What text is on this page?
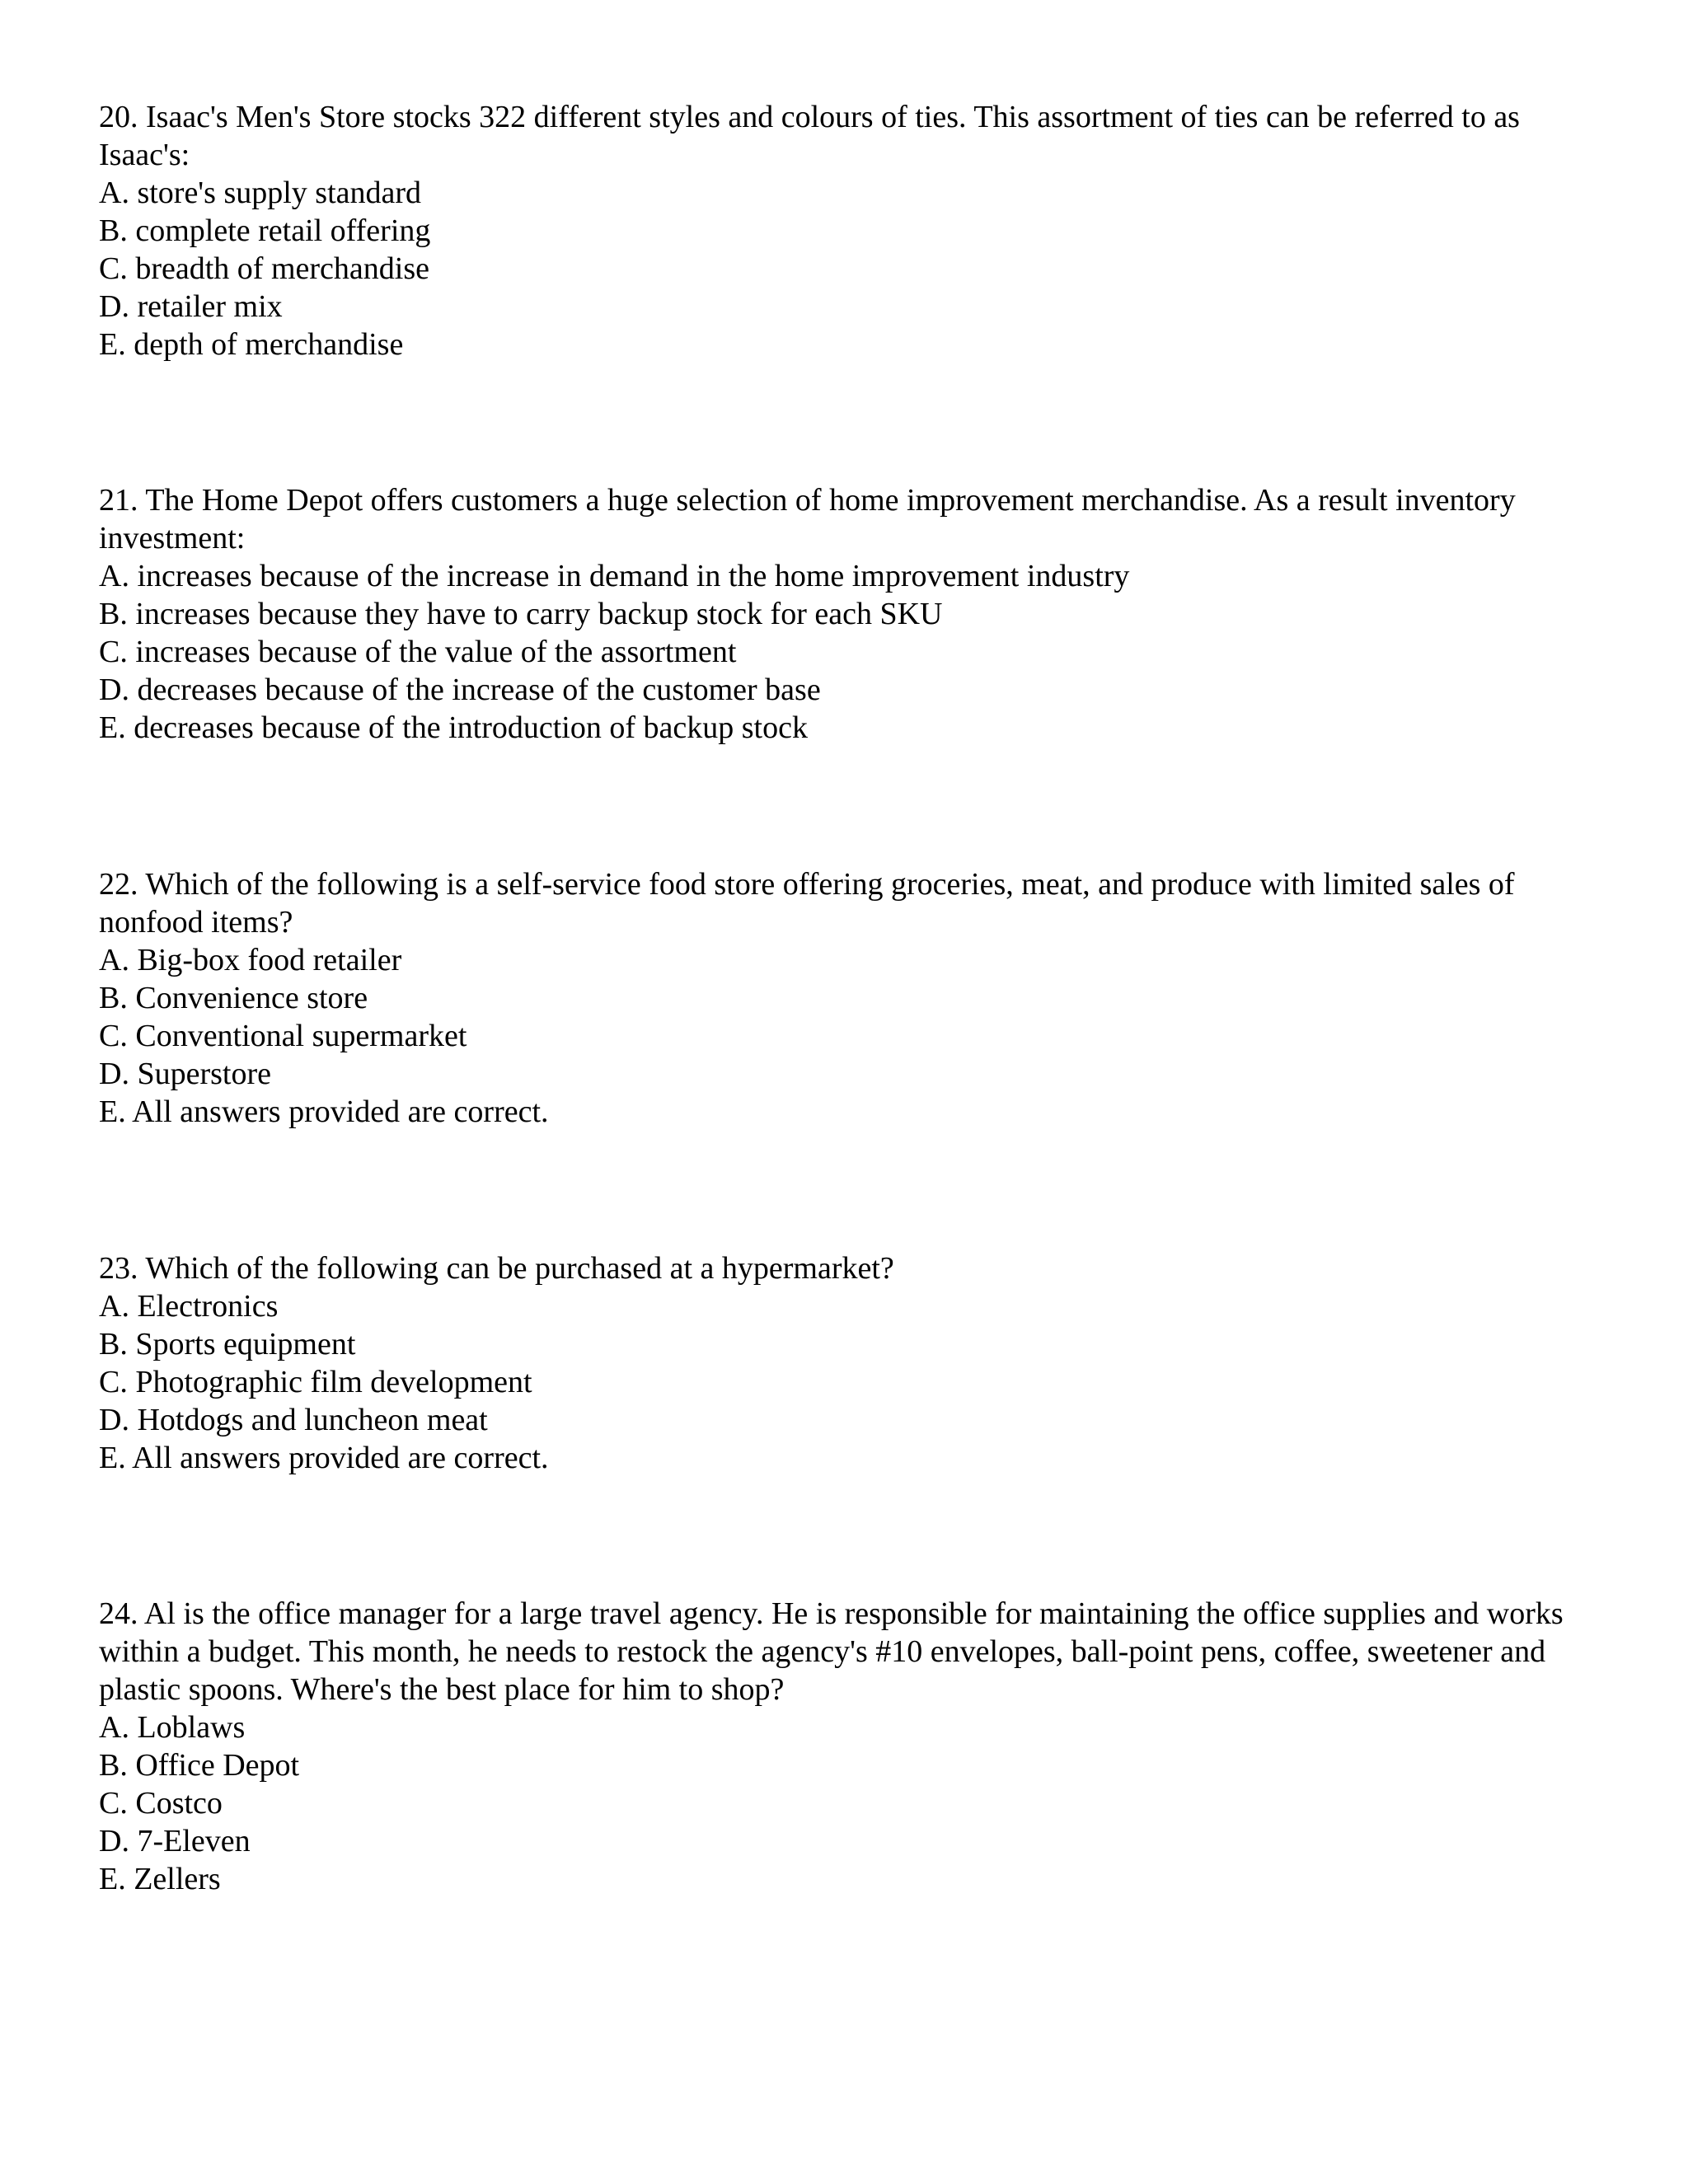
20. Isaac's Men's Store stocks 322 different styles and colours of ties. This assortment of ties can be referred to as Isaac's:

A. store's supply standard

B. complete retail offering

C. breadth of merchandise

D. retailer mix

E. depth of merchandise

21. The Home Depot offers customers a huge selection of home improvement merchandise. As a result inventory investment:

A. increases because of the increase in demand in the home improvement industry

B. increases because they have to carry backup stock for each SKU

C. increases because of the value of the assortment

D. decreases because of the increase of the customer base

E. decreases because of the introduction of backup stock

22. Which of the following is a self-service food store offering groceries, meat, and produce with limited sales of nonfood items?

A. Big-box food retailer

B. Convenience store

C. Conventional supermarket

D. Superstore

E. All answers provided are correct.

23. Which of the following can be purchased at a hypermarket?

A. Electronics

B. Sports equipment

C. Photographic film development

D. Hotdogs and luncheon meat

E. All answers provided are correct.

24. Al is the office manager for a large travel agency. He is responsible for maintaining the office supplies and works within a budget. This month, he needs to restock the agency's #10 envelopes, ball-point pens, coffee, sweetener and plastic spoons. Where's the best place for him to shop?

A. Loblaws

B. Office Depot

C. Costco

D. 7-Eleven

E. Zellers
